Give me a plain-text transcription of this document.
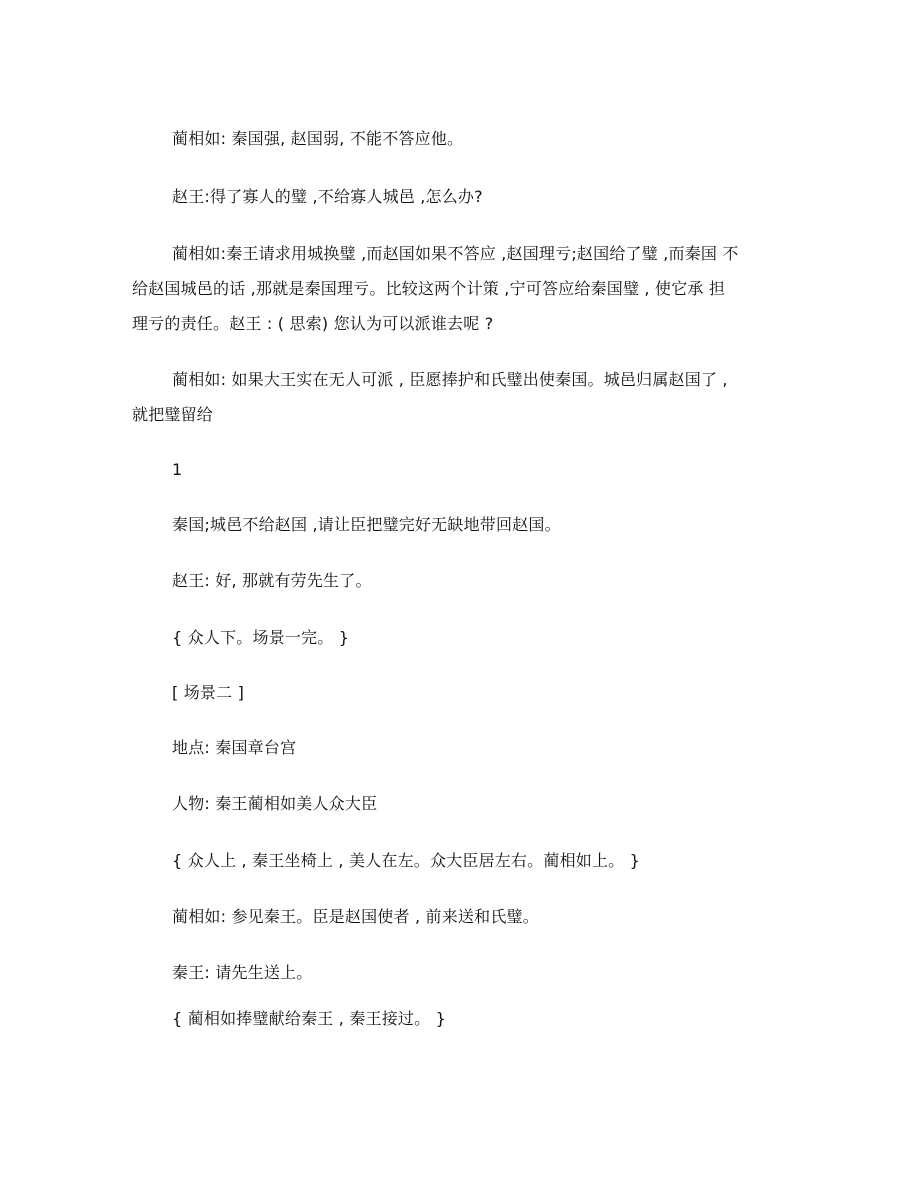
蔺相如: 秦国强, 赵国弱, 不能不答应他。
赵王:得了寡人的璧 ,不给寡人城邑 ,怎么办?
蔺相如:秦王请求用城换璧 ,而赵国如果不答应 ,赵国理亏;赵国给了璧 ,而秦国 不
给赵国城邑的话 ,那就是秦国理亏。比较这两个计策 ,宁可答应给秦国璧 , 使它承 担
理亏的责任。赵王 : ( 思索) 您认为可以派谁去呢 ?
蔺相如: 如果大王实在无人可派 , 臣愿捧护和氏璧出使秦国。城邑归属赵国了 ,
就把璧留给
1
秦国;城邑不给赵国 ,请让臣把璧完好无缺地带回赵国。
赵王: 好, 那就有劳先生了。
{ 众人下。场景一完。 }
[ 场景二 ]
地点: 秦国章台宫
人物: 秦王蔺相如美人众大臣
{ 众人上 , 秦王坐椅上 , 美人在左。众大臣居左右。蔺相如上。 }
蔺相如: 参见秦王。臣是赵国使者 , 前来送和氏璧。
秦王: 请先生送上。
{ 蔺相如捧璧献给秦王 , 秦王接过。 }
